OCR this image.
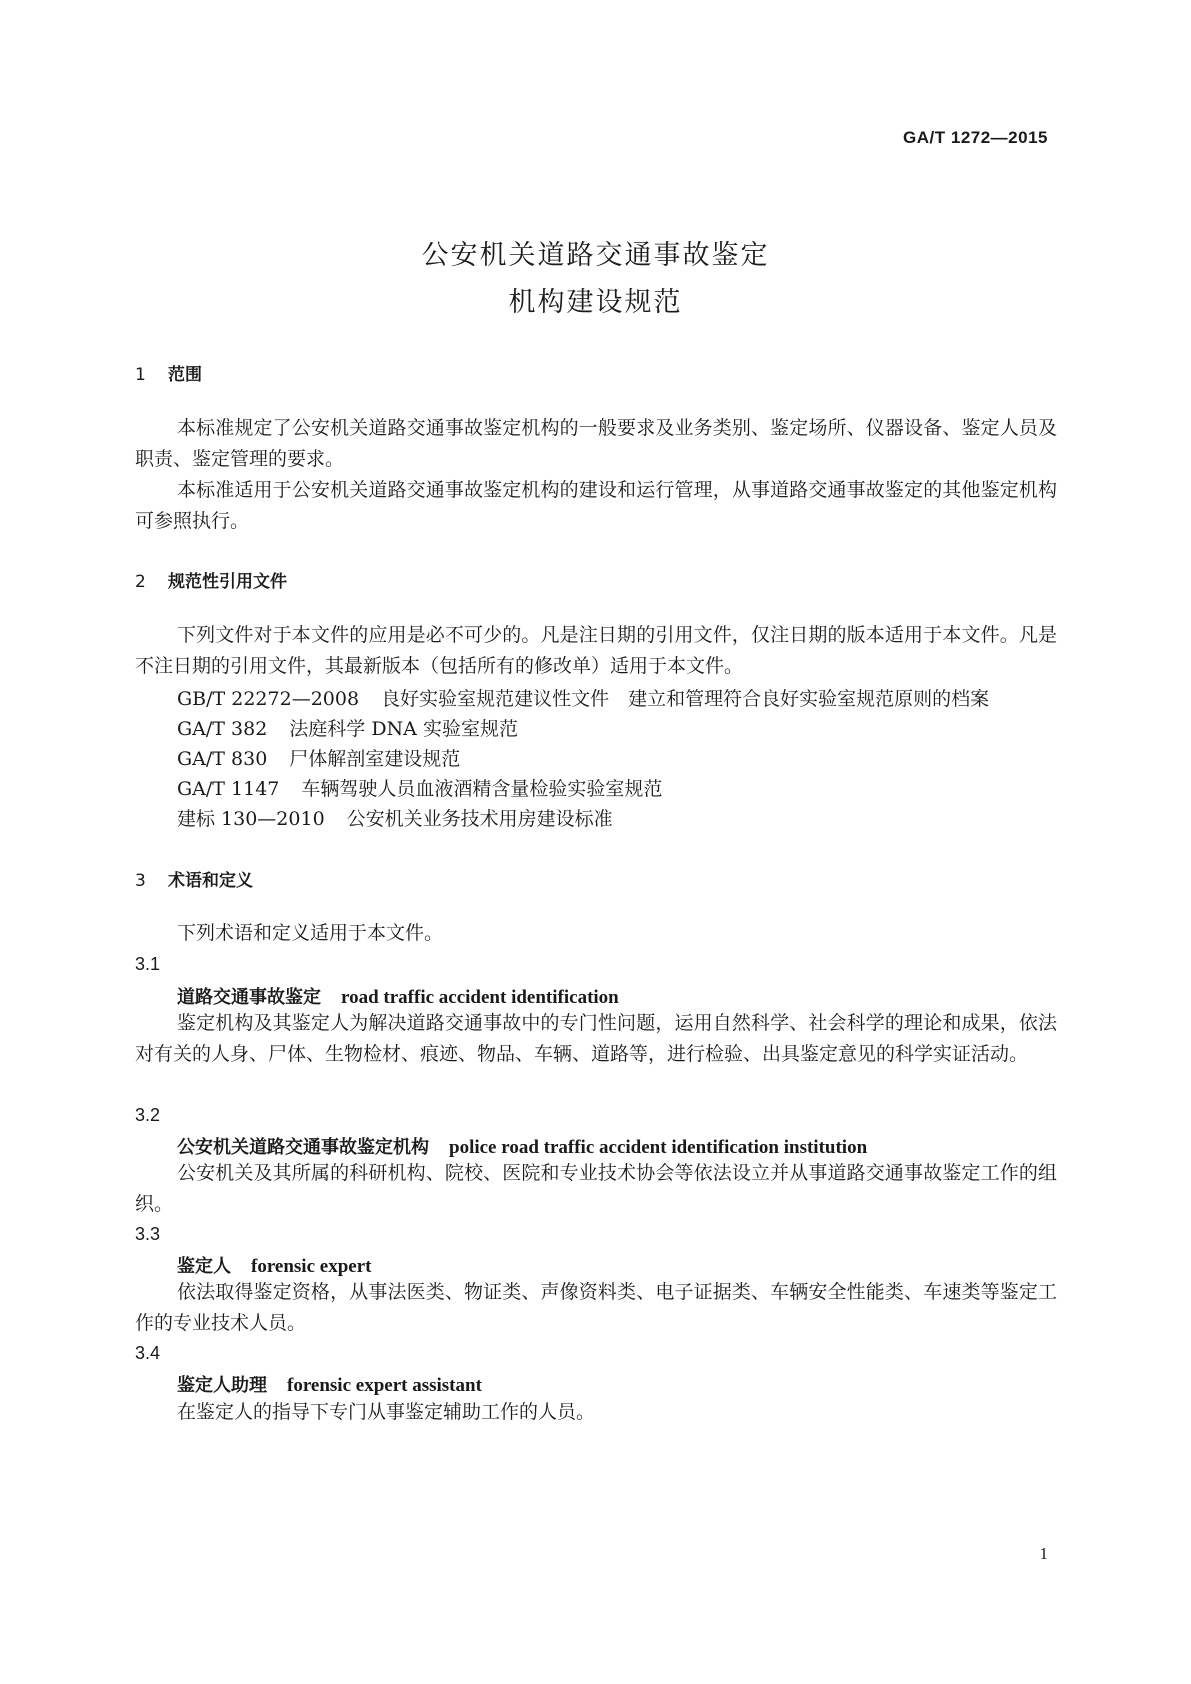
GA/T 1272—2015
公安机关道路交通事故鉴定
机构建设规范
1 范围
本标准规定了公安机关道路交通事故鉴定机构的一般要求及业务类别、鉴定场所、仪器设备、鉴定人员及职责、鉴定管理的要求。
本标准适用于公安机关道路交通事故鉴定机构的建设和运行管理，从事道路交通事故鉴定的其他鉴定机构可参照执行。
2 规范性引用文件
下列文件对于本文件的应用是必不可少的。凡是注日期的引用文件，仅注日期的版本适用于本文件。凡是不注日期的引用文件，其最新版本（包括所有的修改单）适用于本文件。
GB/T 22272—2008 良好实验室规范建议性文件　建立和管理符合良好实验室规范原则的档案
GA/T 382 法庭科学 DNA 实验室规范
GA/T 830 尸体解剖室建设规范
GA/T 1147 车辆驾驶人员血液酒精含量检验实验室规范
建标 130—2010 公安机关业务技术用房建设标准
3 术语和定义
下列术语和定义适用于本文件。
3.1
道路交通事故鉴定 road traffic accident identification
鉴定机构及其鉴定人为解决道路交通事故中的专门性问题，运用自然科学、社会科学的理论和成果，依法对有关的人身、尸体、生物检材、痕迹、物品、车辆、道路等，进行检验、出具鉴定意见的科学实证活动。
3.2
公安机关道路交通事故鉴定机构 police road traffic accident identification institution
公安机关及其所属的科研机构、院校、医院和专业技术协会等依法设立并从事道路交通事故鉴定工作的组织。
3.3
鉴定人 forensic expert
依法取得鉴定资格，从事法医类、物证类、声像资料类、电子证据类、车辆安全性能类、车速类等鉴定工作的专业技术人员。
3.4
鉴定人助理 forensic expert assistant
在鉴定人的指导下专门从事鉴定辅助工作的人员。
1
